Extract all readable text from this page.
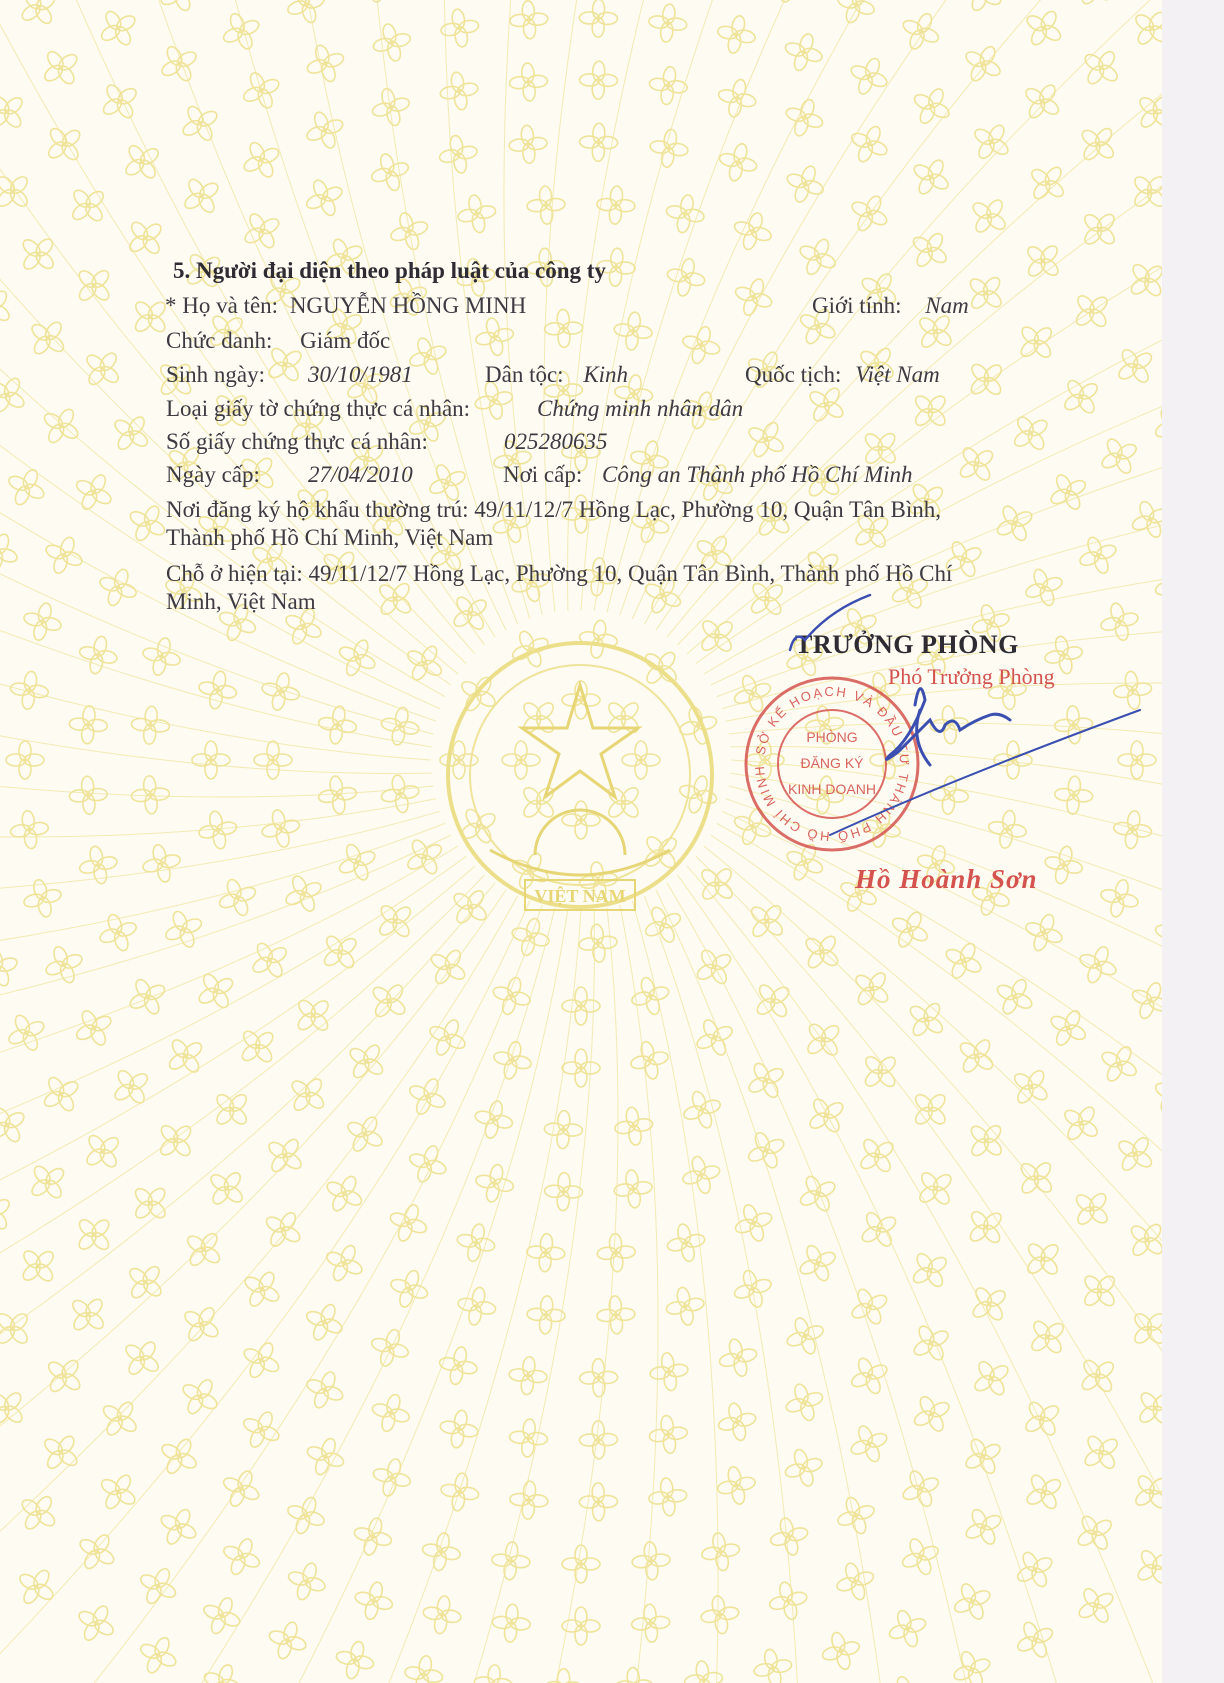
VIỆT NAM
5. Người đại diện theo pháp luật của công ty
* Họ và tên: NGUYỄN HỒNG MINH	Giới tính: Nam
Chức danh: Giám đốc
Sinh ngày: 30/10/1981	Dân tộc: Kinh	Quốc tịch: Việt Nam
Loại giấy tờ chứng thực cá nhân:	Chứng minh nhân dân
Số giấy chứng thực cá nhân:	025280635
Ngày cấp: 27/04/2010	Nơi cấp: Công an Thành phố Hồ Chí Minh
Nơi đăng ký hộ khẩu thường trú: 49/11/12/7 Hồng Lạc, Phường 10, Quận Tân Bình,
Thành phố Hồ Chí Minh, Việt Nam
Chỗ ở hiện tại: 49/11/12/7 Hồng Lạc, Phường 10, Quận Tân Bình, Thành phố Hồ Chí
Minh, Việt Nam
TRƯỞNG PHÒNG
Phó Trưởng Phòng
SỞ KẾ HOẠCH VÀ ĐẦU TƯ THÀNH PHỐ HỒ CHÍ MINH
PHÒNG
ĐĂNG KÝ
KINH DOANH
Hồ Hoành Sơn
